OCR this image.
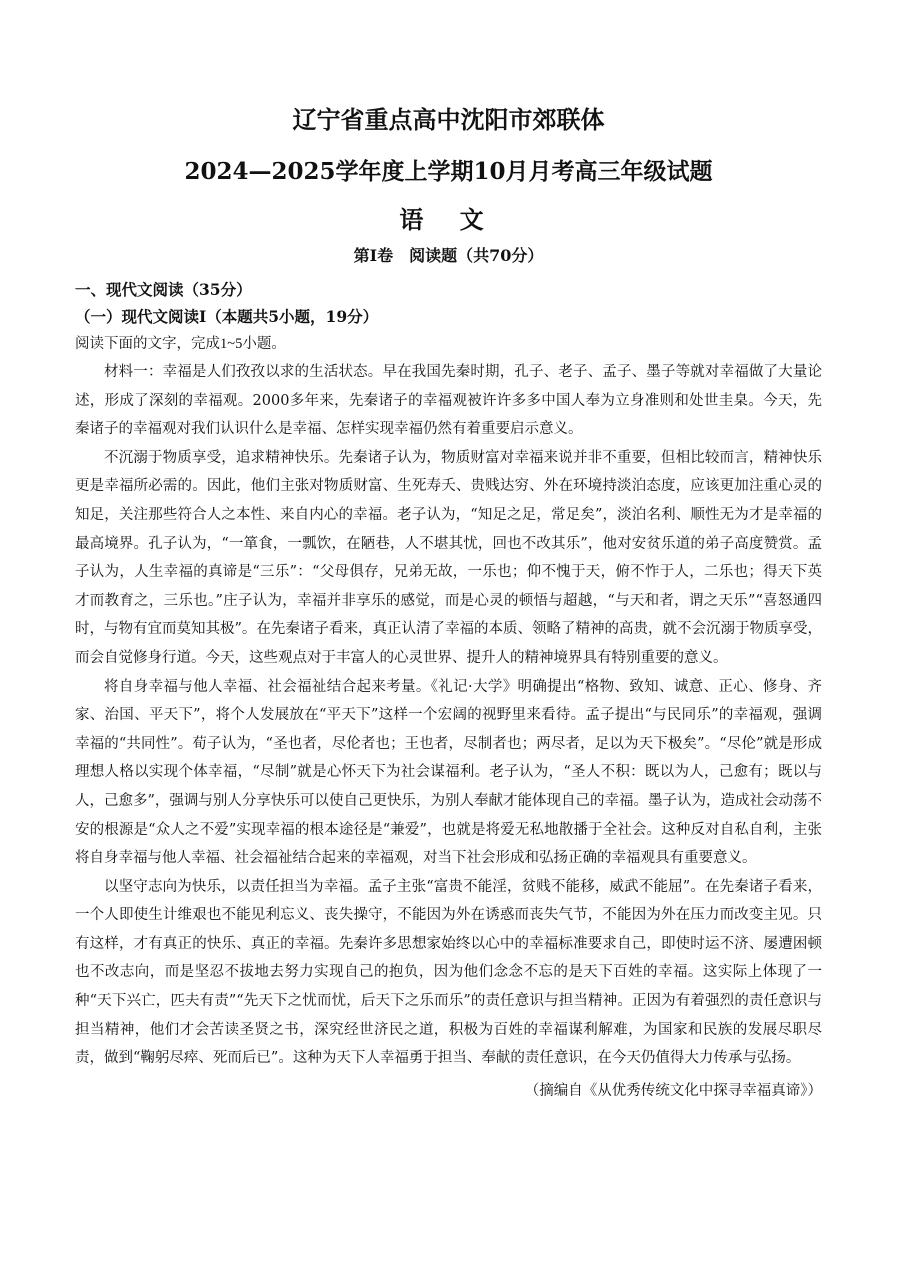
辽宁省重点高中沈阳市郊联体
2024—2025学年度上学期10月月考高三年级试题
语 文
第Ⅰ卷　阅读题（共70分）
一、现代文阅读（35分）
（一）现代文阅读Ⅰ（本题共5小题，19分）
阅读下面的文字，完成1~5小题。

材料一：幸福是人们孜孜以求的生活状态。早在我国先秦时期，孔子、老子、孟子、墨子等就对幸福做了大量论述，形成了深刻的幸福观。2000多年来，先秦诸子的幸福观被许许多多中国人奉为立身准则和处世圭臬。今天，先秦诸子的幸福观对我们认识什么是幸福、怎样实现幸福仍然有着重要启示意义。

不沉溺于物质享受，追求精神快乐。先秦诸子认为，物质财富对幸福来说并非不重要，但相比较而言，精神快乐更是幸福所必需的。因此，他们主张对物质财富、生死寿夭、贵贱达穷、外在环境持淡泊态度，应该更加注重心灵的知足，关注那些符合人之本性、来自内心的幸福。老子认为，“知足之足，常足矣”，淡泊名利、顺性无为才是幸福的最高境界。孔子认为，“一箪食，一瓢饮，在陋巷，人不堪其忧，回也不改其乐”，他对安贫乐道的弟子高度赞赏。孟子认为，人生幸福的真谛是“三乐”：“父母俱存，兄弟无故，一乐也；仰不愧于天，俯不怍于人，二乐也；得天下英才而教育之，三乐也。”庄子认为，幸福并非享乐的感觉，而是心灵的顿悟与超越，“与天和者，谓之天乐”“喜怒通四时，与物有宜而莫知其极”。在先秦诸子看来，真正认清了幸福的本质、领略了精神的高贵，就不会沉溺于物质享受，而会自觉修身行道。今天，这些观点对于丰富人的心灵世界、提升人的精神境界具有特别重要的意义。

将自身幸福与他人幸福、社会福祉结合起来考量。《礼记·大学》明确提出“格物、致知、诚意、正心、修身、齐家、治国、平天下”，将个人发展放在“平天下”这样一个宏阔的视野里来看待。孟子提出“与民同乐”的幸福观，强调幸福的“共同性”。荀子认为，“圣也者，尽伦者也；王也者，尽制者也；两尽者，足以为天下极矣”。“尽伦”就是形成理想人格以实现个体幸福，“尽制”就是心怀天下为社会谋福利。老子认为，“圣人不积：既以为人，己愈有；既以与人，己愈多”，强调与别人分享快乐可以使自己更快乐，为别人奉献才能体现自己的幸福。墨子认为，造成社会动荡不安的根源是“众人之不爱”实现幸福的根本途径是“兼爱”，也就是将爱无私地散播于全社会。这种反对自私自利，主张将自身幸福与他人幸福、社会福祉结合起来的幸福观，对当下社会形成和弘扬正确的幸福观具有重要意义。

以坚守志向为快乐，以责任担当为幸福。孟子主张“富贵不能淫，贫贱不能移，威武不能屈”。在先秦诸子看来，一个人即使生计维艰也不能见利忘义、丧失操守，不能因为外在诱惑而丧失气节，不能因为外在压力而改变主见。只有这样，才有真正的快乐、真正的幸福。先秦许多思想家始终以心中的幸福标准要求自己，即使时运不济、屡遭困顿也不改志向，而是坚忍不拔地去努力实现自己的抱负，因为他们念念不忘的是天下百姓的幸福。这实际上体现了一种“天下兴亡，匹夫有责”“先天下之忧而忧，后天下之乐而乐”的责任意识与担当精神。正因为有着强烈的责任意识与担当精神，他们才会苦读圣贤之书，深究经世济民之道，积极为百姓的幸福谋利解难，为国家和民族的发展尽职尽责，做到“鞠躬尽瘁、死而后已”。这种为天下人幸福勇于担当、奉献的责任意识，在今天仍值得大力传承与弘扬。

（摘编自《从优秀传统文化中探寻幸福真谛》）
